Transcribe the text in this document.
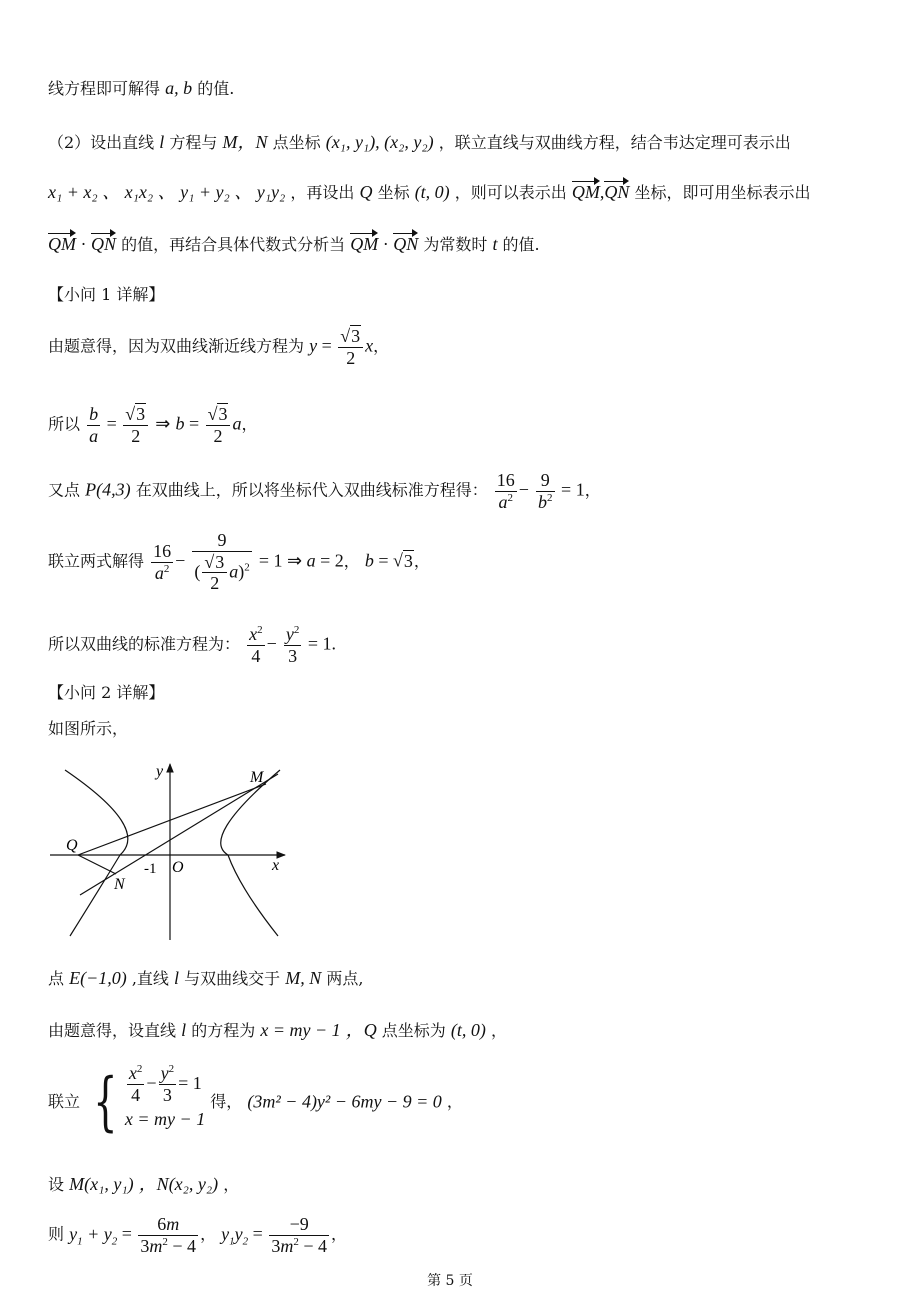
线方程即可解得 a, b 的值.
（2）设出直线 l 方程与 M，N 点坐标 (x₁, y₁), (x₂, y₂) ，联立直线与双曲线方程，结合韦达定理可表示出
x₁ + x₂ 、 x₁x₂ 、 y₁ + y₂ 、 y₁y₂ ，再设出 Q 坐标 (t, 0) ，则可以表示出 QM,QN 坐标，即可用坐标表示出
QM · QN 的值，再结合具体代数式分析当 QM · QN 为常数时 t 的值.
【小问 1 详解】
由题意得，因为双曲线渐近线方程为 $y = \frac{√3}{2}$ x，
所以 $\frac{b}{a} = \frac{√3}{2}$ ⇒ $b = \frac{√3}{2}$ a，
又点 P(4,3) 在双曲线上，所以将坐标代入双曲线标准方程得： $\frac{16}{a^2} - \frac{9}{b^2} = 1$，
联立两式解得 $\frac{16}{a^2} - \frac{9}{( \frac{√3}{2} a)^2} = 1$ ⇒ a = 2， b = √3，
所以双曲线的标准方程为： $\frac{x^2}{4} - \frac{y^2}{3} = 1$.
【小问 2 详解】
如图所示，
y
x
M
N
Q
O
-1
点 E(−1,0) ,直线 l 与双曲线交于 M, N 两点,
由题意得，设直线 l 的方程为 x = my − 1 ，Q 点坐标为 (t, 0) ，
联立 { $\frac{x^2}{4} - \frac{y^2}{3} = 1$
x = my − 1
得， (3m² − 4)y² − 6my − 9 = 0 ，
设 M(x₁, y₁) ，N(x₂, y₂) ，
则 $y_1 + y_2 = \frac{6m}{3m^2 - 4}$ ， $y_1y_2 = \frac{-9}{3m^2 - 4}$ ，
第 5 页
